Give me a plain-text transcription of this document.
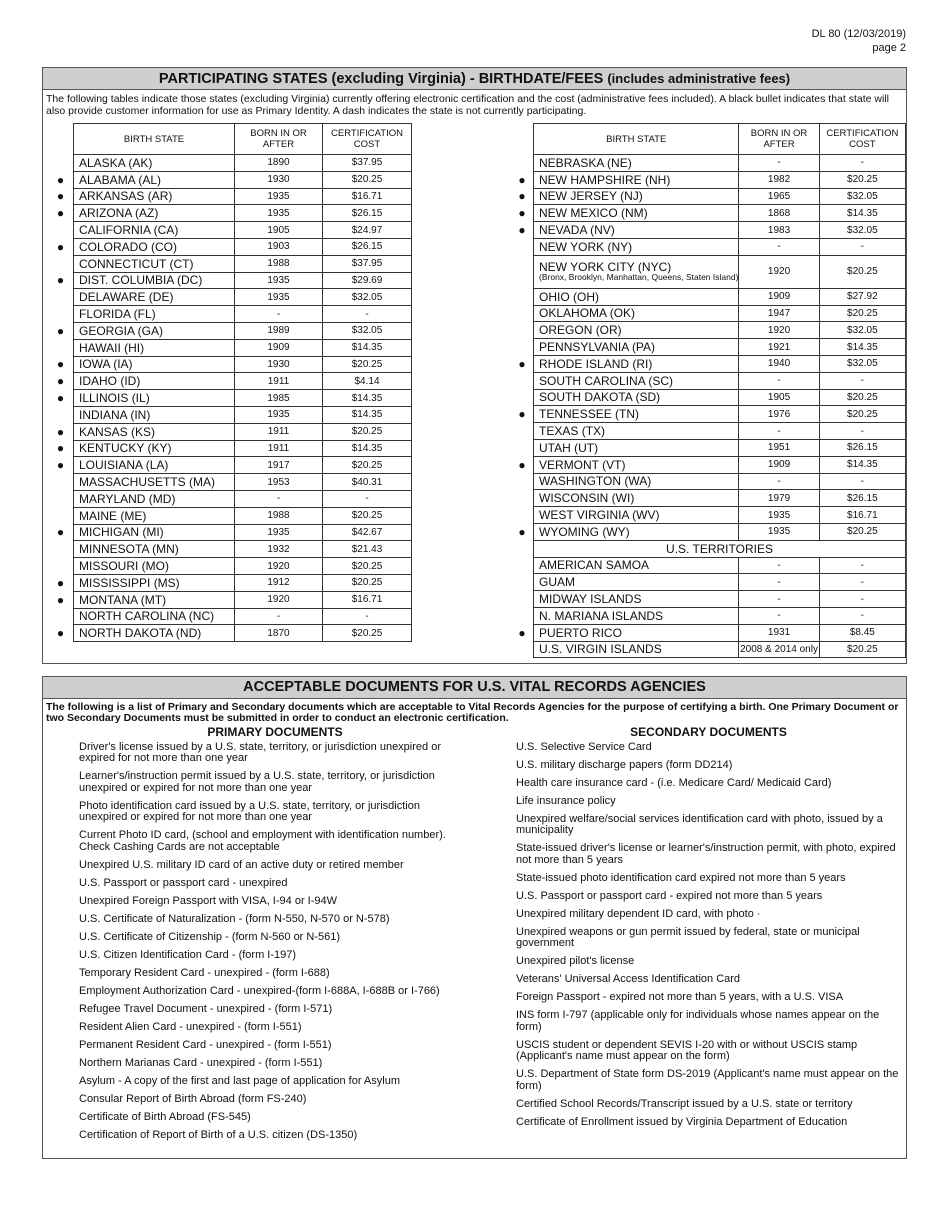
DL 80 (12/03/2019)
page 2
PARTICIPATING STATES (excluding Virginia) - BIRTHDATE/FEES (includes administrative fees)
The following tables indicate those states (excluding Virginia) currently offering electronic certification and the cost (administrative fees included). A black bullet indicates that state will also provide customer information for use as Primary Identity. A dash indicates the state is not currently participating.
	BIRTH STATE	BORN IN OR AFTER	CERTIFICATION COST
	ALASKA (AK)	1890	$37.95
●	ALABAMA (AL)	1930	$20.25
●	ARKANSAS (AR)	1935	$16.71
●	ARIZONA (AZ)	1935	$26.15
	CALIFORNIA (CA)	1905	$24.97
●	COLORADO (CO)	1903	$26.15
	CONNECTICUT (CT)	1988	$37.95
●	DIST. COLUMBIA (DC)	1935	$29.69
	DELAWARE (DE)	1935	$32.05
	FLORIDA (FL)	-	-
●	GEORGIA (GA)	1989	$32.05
	HAWAII (HI)	1909	$14.35
●	IOWA (IA)	1930	$20.25
●	IDAHO (ID)	1911	$4.14
●	ILLINOIS (IL)	1985	$14.35
	INDIANA (IN)	1935	$14.35
●	KANSAS (KS)	1911	$20.25
●	KENTUCKY (KY)	1911	$14.35
●	LOUISIANA (LA)	1917	$20.25
	MASSACHUSETTS (MA)	1953	$40.31
	MARYLAND (MD)	-	-
	MAINE (ME)	1988	$20.25
●	MICHIGAN (MI)	1935	$42.67
	MINNESOTA (MN)	1932	$21.43
	MISSOURI (MO)	1920	$20.25
●	MISSISSIPPI (MS)	1912	$20.25
●	MONTANA (MT)	1920	$16.71
	NORTH CAROLINA (NC)	-	-
●	NORTH DAKOTA (ND)	1870	$20.25
	BIRTH STATE	BORN IN OR AFTER	CERTIFICATION COST
	NEBRASKA (NE)	-	-
●	NEW HAMPSHIRE (NH)	1982	$20.25
●	NEW JERSEY (NJ)	1965	$32.05
●	NEW MEXICO (NM)	1868	$14.35
●	NEVADA (NV)	1983	$32.05
	NEW YORK (NY)	-	-

	NEW YORK CITY (NYC)
(Bronx, Brooklyn, Manhattan, Queens, Staten Island)	1920	$20.25
	OHIO (OH)	1909	$27.92
	OKLAHOMA (OK)	1947	$20.25
	OREGON (OR)	1920	$32.05
	PENNSYLVANIA (PA)	1921	$14.35
●	RHODE ISLAND (RI)	1940	$32.05
	SOUTH CAROLINA (SC)	-	-
	SOUTH DAKOTA (SD)	1905	$20.25
●	TENNESSEE (TN)	1976	$20.25
	TEXAS (TX)	-	-
	UTAH (UT)	1951	$26.15
●	VERMONT (VT)	1909	$14.35
	WASHINGTON (WA)	-	-
	WISCONSIN (WI)	1979	$26.15
	WEST VIRGINIA (WV)	1935	$16.71
●	WYOMING (WY)	1935	$20.25
	U.S. TERRITORIES		
	AMERICAN SAMOA	-	-
	GUAM	-	-
	MIDWAY ISLANDS	-	-
	N. MARIANA ISLANDS	-	-
●	PUERTO RICO	1931	$8.45
	U.S. VIRGIN ISLANDS	2008 & 2014 only	$20.25
ACCEPTABLE DOCUMENTS FOR U.S. VITAL RECORDS AGENCIES
The following is a list of Primary and Secondary documents which are acceptable to Vital Records Agencies for the purpose of certifying a birth. One Primary Document or two Secondary Documents must be submitted in order to conduct an electronic certification.
PRIMARY DOCUMENTS
Driver's license issued by a U.S. state, territory, or jurisdiction unexpired or expired for not more than one year
Learner's/instruction permit issued by a U.S. state, territory, or jurisdiction unexpired or expired for not more than one year
Photo identification card issued by a U.S. state, territory, or jurisdiction unexpired or expired for not more than one year
Current Photo ID card, (school and employment with identification number). Check Cashing Cards are not acceptable
Unexpired U.S. military ID card of an active duty or retired member
U.S. Passport or passport card - unexpired
Unexpired Foreign Passport with VISA, I-94 or I-94W
U.S. Certificate of Naturalization - (form N-550, N-570 or N-578)
U.S. Certificate of Citizenship - (form N-560 or N-561)
U.S. Citizen Identification Card - (form I-197)
Temporary Resident Card - unexpired - (form I-688)
Employment Authorization Card - unexpired-(form I-688A, I-688B or I-766)
Refugee Travel Document - unexpired - (form I-571)
Resident Alien Card - unexpired - (form I-551)
Permanent Resident Card - unexpired - (form I-551)
Northern Marianas Card - unexpired - (form I-551)
Asylum - A copy of the first and last page of application for Asylum
Consular Report of Birth Abroad (form FS-240)
Certificate of Birth Abroad (FS-545)
Certification of Report of Birth of a U.S. citizen (DS-1350)
SECONDARY DOCUMENTS
U.S. Selective Service Card
U.S. military discharge papers (form DD214)
Health care insurance card - (i.e. Medicare Card/ Medicaid Card)
Life insurance policy
Unexpired welfare/social services identification card with photo, issued by a municipality
State-issued driver's license or learner's/instruction permit, with photo, expired not more than 5 years
State-issued photo identification card expired not more than 5 years
U.S. Passport or passport card - expired not more than 5 years
Unexpired military dependent ID card, with photo ·
Unexpired weapons or gun permit issued by federal, state or municipal government
Unexpired pilot's license
Veterans' Universal Access Identification Card
Foreign Passport - expired not more than 5 years, with a U.S. VISA
INS form I-797 (applicable only for individuals whose names appear on the form)
USCIS student or dependent SEVIS I-20 with or without USCIS stamp (Applicant's name must appear on the form)
U.S. Department of State form DS-2019 (Applicant's name must appear on the form)
Certified School Records/Transcript issued by a U.S. state or territory
Certificate of Enrollment issued by Virginia Department of Education
